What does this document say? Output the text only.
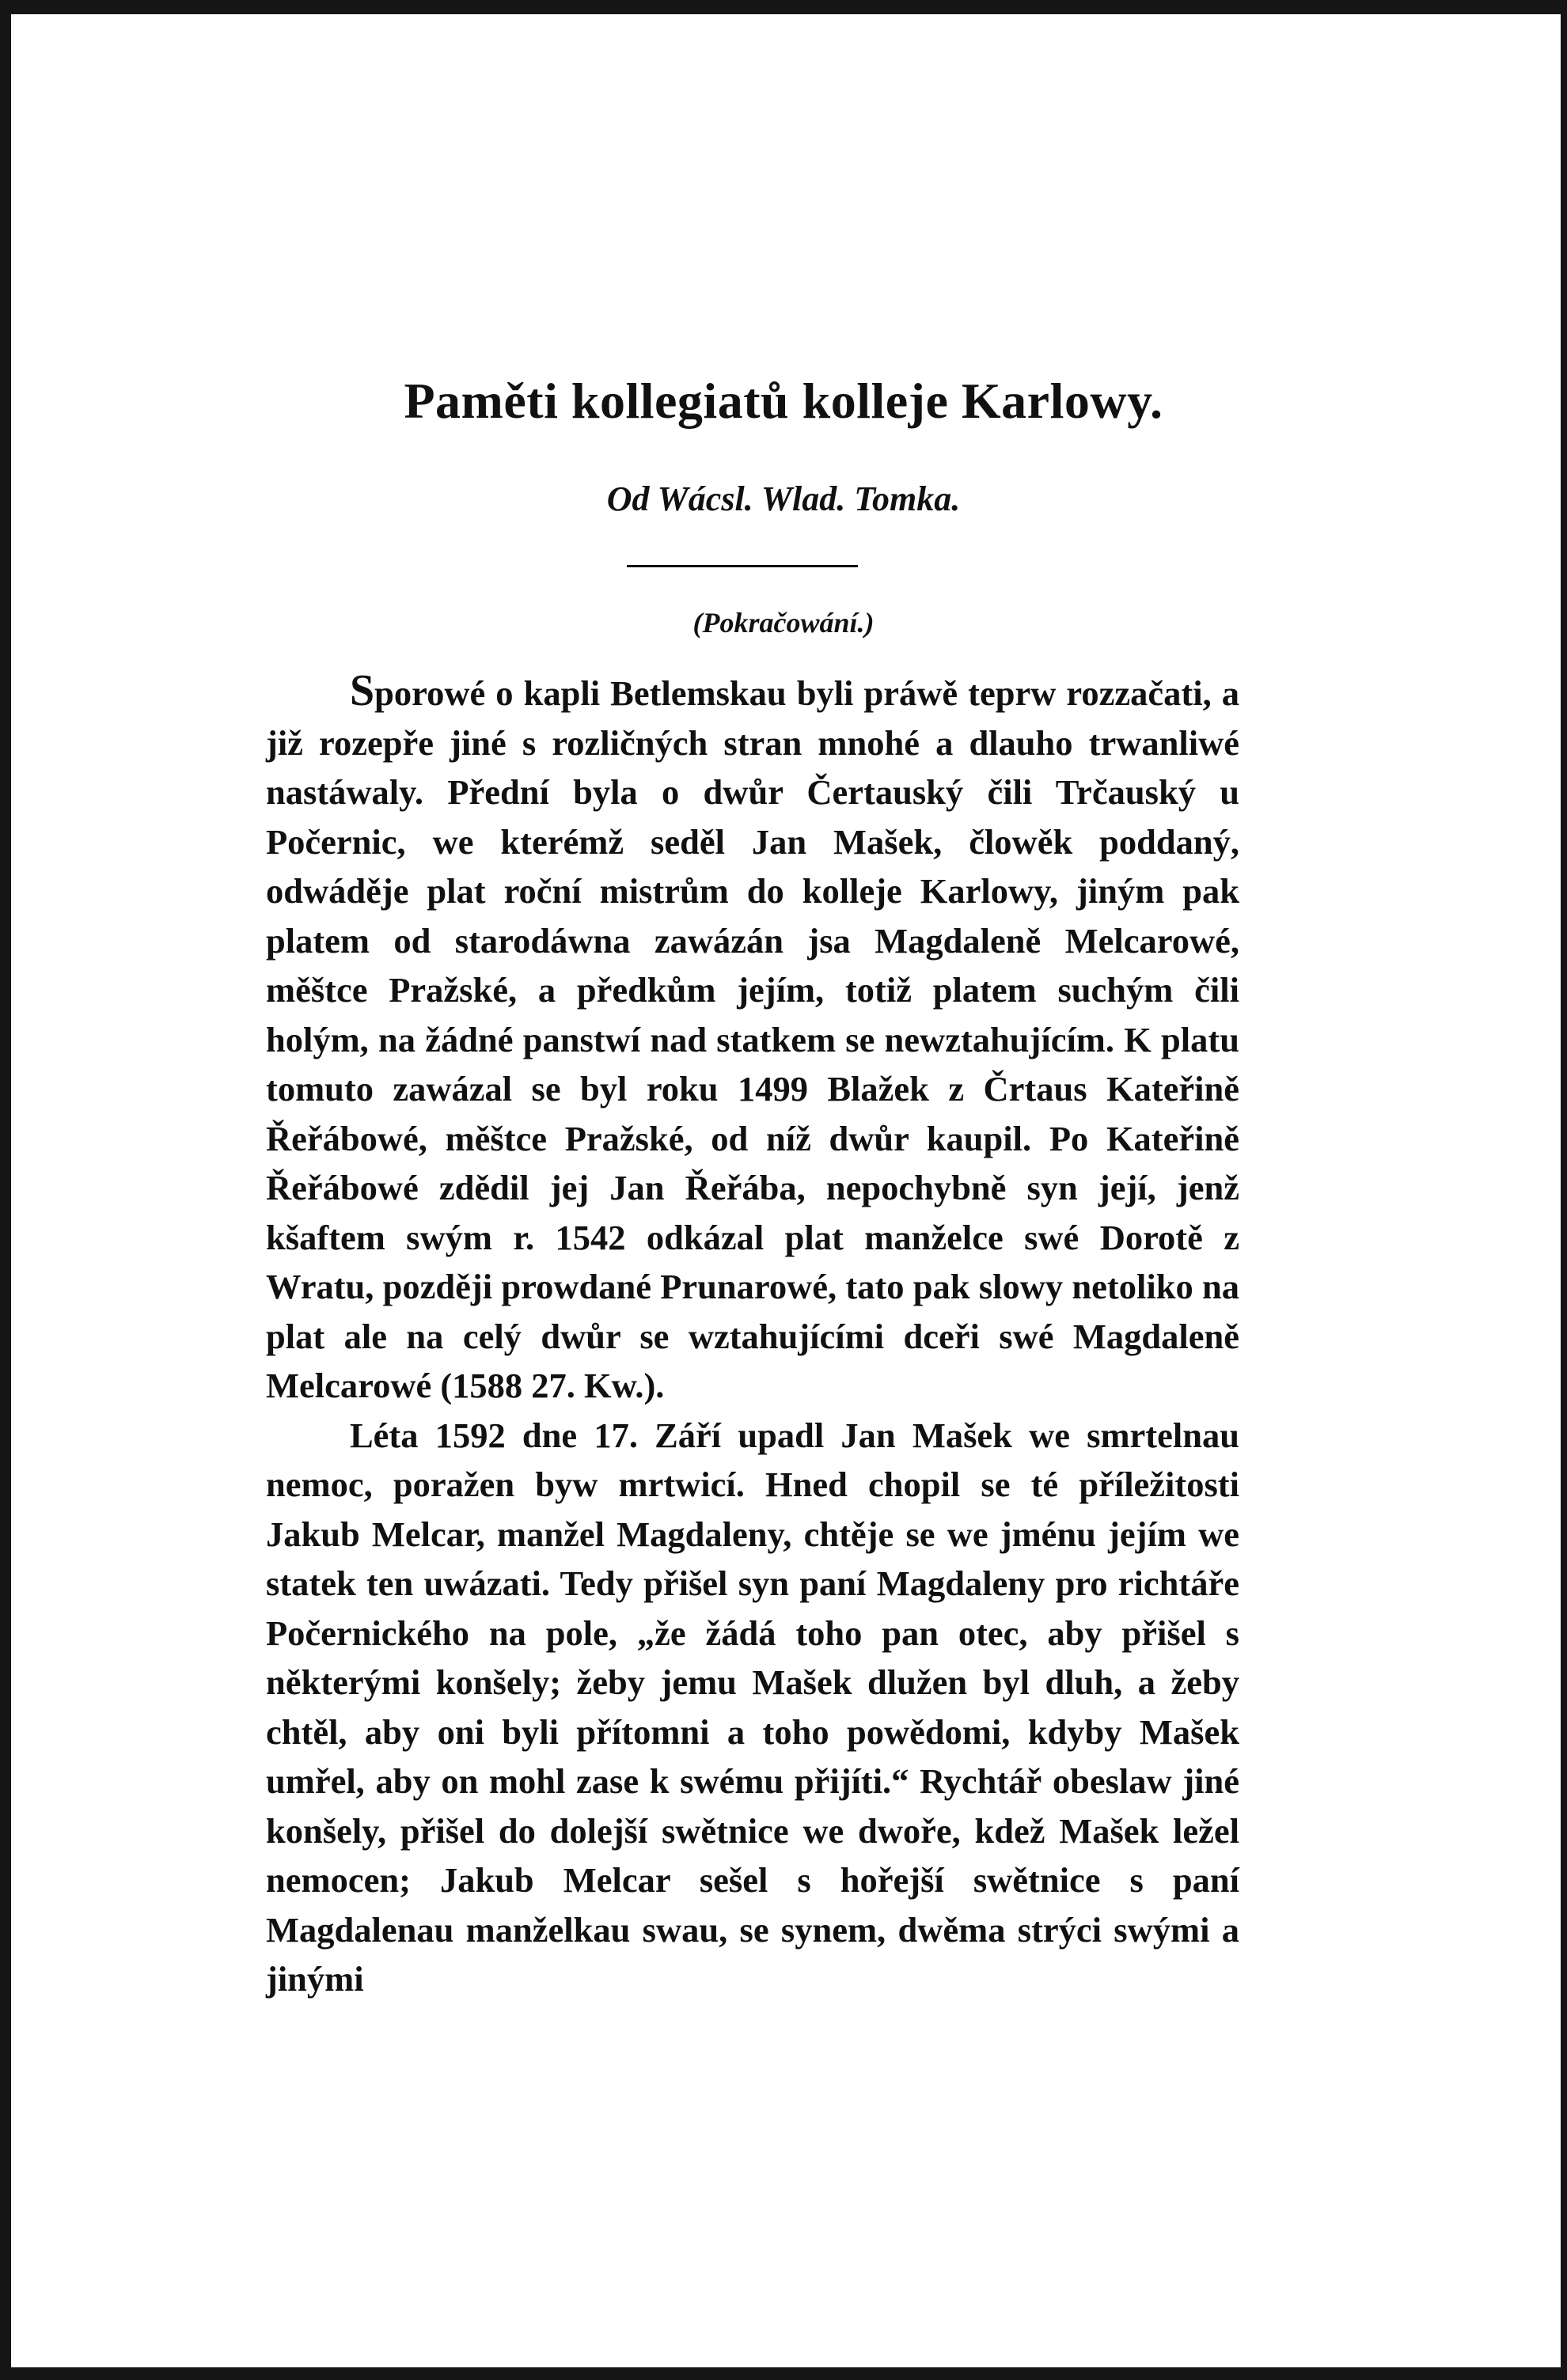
Paměti kollegiatů kolleje Karlowy.
Od Wácsl. Wlad. Tomka.
(Pokračowání.)

Sporowé o kapli Betlemskau byli práwě teprw rozzačati, a již rozepře jiné s rozličných stran mnohé a dlauho trwanliwé nastáwaly. Přední byla o dwůr Čertauský čili Trčauský u Počernic, we kterémž seděl Jan Mašek, člowěk poddaný, odwáděje plat roční mistrům do kolleje Karlowy, jiným pak platem od starodáwna zawázán jsa Magdaleně Melcarowé, měštce Pražské, a předkům jejím, totiž platem suchým čili holým, na žádné panstwí nad statkem se newztahujícím. K platu tomuto zawázal se byl roku 1499 Blažek z Črtaus Kateřině Řeřábowé, měštce Pražské, od níž dwůr kaupil. Po Kateřině Řeřábowé zdědil jej Jan Řeřába, nepochybně syn její, jenž kšaftem swým r. 1542 odkázal plat manželce swé Dorotě z Wratu, později prowdané Prunarowé, tato pak slowy netoliko na plat ale na celý dwůr se wztahujícími dceři swé Magdaleně Melcarowé (1588 27. Kw.).

Léta 1592 dne 17. Září upadl Jan Mašek we smrtelnau nemoc, poražen byw mrtwicí. Hned chopil se té příležitosti Jakub Melcar, manžel Magdaleny, chtěje se we jménu jejím we statek ten uwázati. Tedy přišel syn paní Magdaleny pro richtáře Počernického na pole, „že žádá toho pan otec, aby přišel s některými konšely; žeby jemu Mašek dlužen byl dluh, a žeby chtěl, aby oni byli přítomni a toho powědomi, kdyby Mašek umřel, aby on mohl zase k swému přijíti.“ Rychtář obeslaw jiné konšely, přišel do dolejší swětnice we dwoře, kdež Mašek ležel nemocen; Jakub Melcar sešel s hořejší swětnice s paní Magdalenau manželkau swau, se synem, dwěma strýci swými a jinými
